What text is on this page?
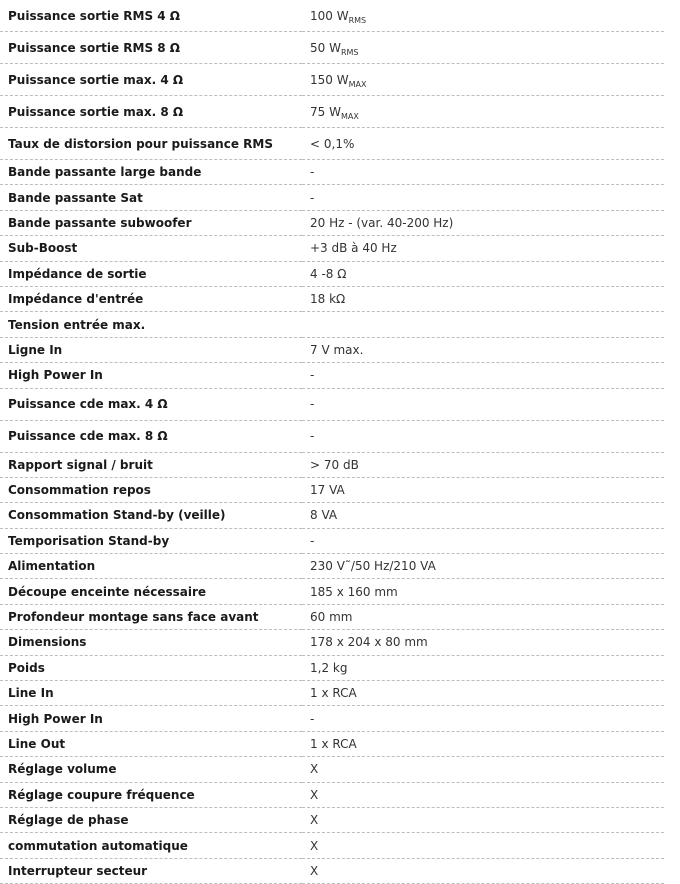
Puissance sortie RMS 4 Ω	100 $W_{RMS}$
Puissance sortie RMS 8 Ω	50 $W_{RMS}$
Puissance sortie max. 4 Ω	150 $W_{MAX}$
Puissance sortie max. 8 Ω	75 $W_{MAX}$
Taux de distorsion pour puissance RMS	< 0,1%
Bande passante large bande	-
Bande passante Sat	-
Bande passante subwoofer	20 Hz - (var. 40-200 Hz)
Sub-Boost	+3 dB à 40 Hz
Impédance de sortie	4 -8 Ω
Impédance d'entrée	18 kΩ
Tension entrée max.	
Ligne In	7 V max.
High Power In	-
Puissance cde max. 4 Ω	-
Puissance cde max. 8 Ω	-
Rapport signal / bruit	> 70 dB
Consommation repos	17 VA
Consommation Stand-by (veille)	8 VA
Temporisation Stand-by	-
Alimentation	230 V˜/50 Hz/210 VA
Découpe enceinte nécessaire	185 x 160 mm
Profondeur montage sans face avant	60 mm
Dimensions	178 x 204 x 80 mm
Poids	1,2 kg
Line In	1 x RCA
High Power In	-
Line Out	1 x RCA
Réglage volume	X
Réglage coupure fréquence	X
Réglage de phase	X
commutation automatique	X
Interrupteur secteur	X
